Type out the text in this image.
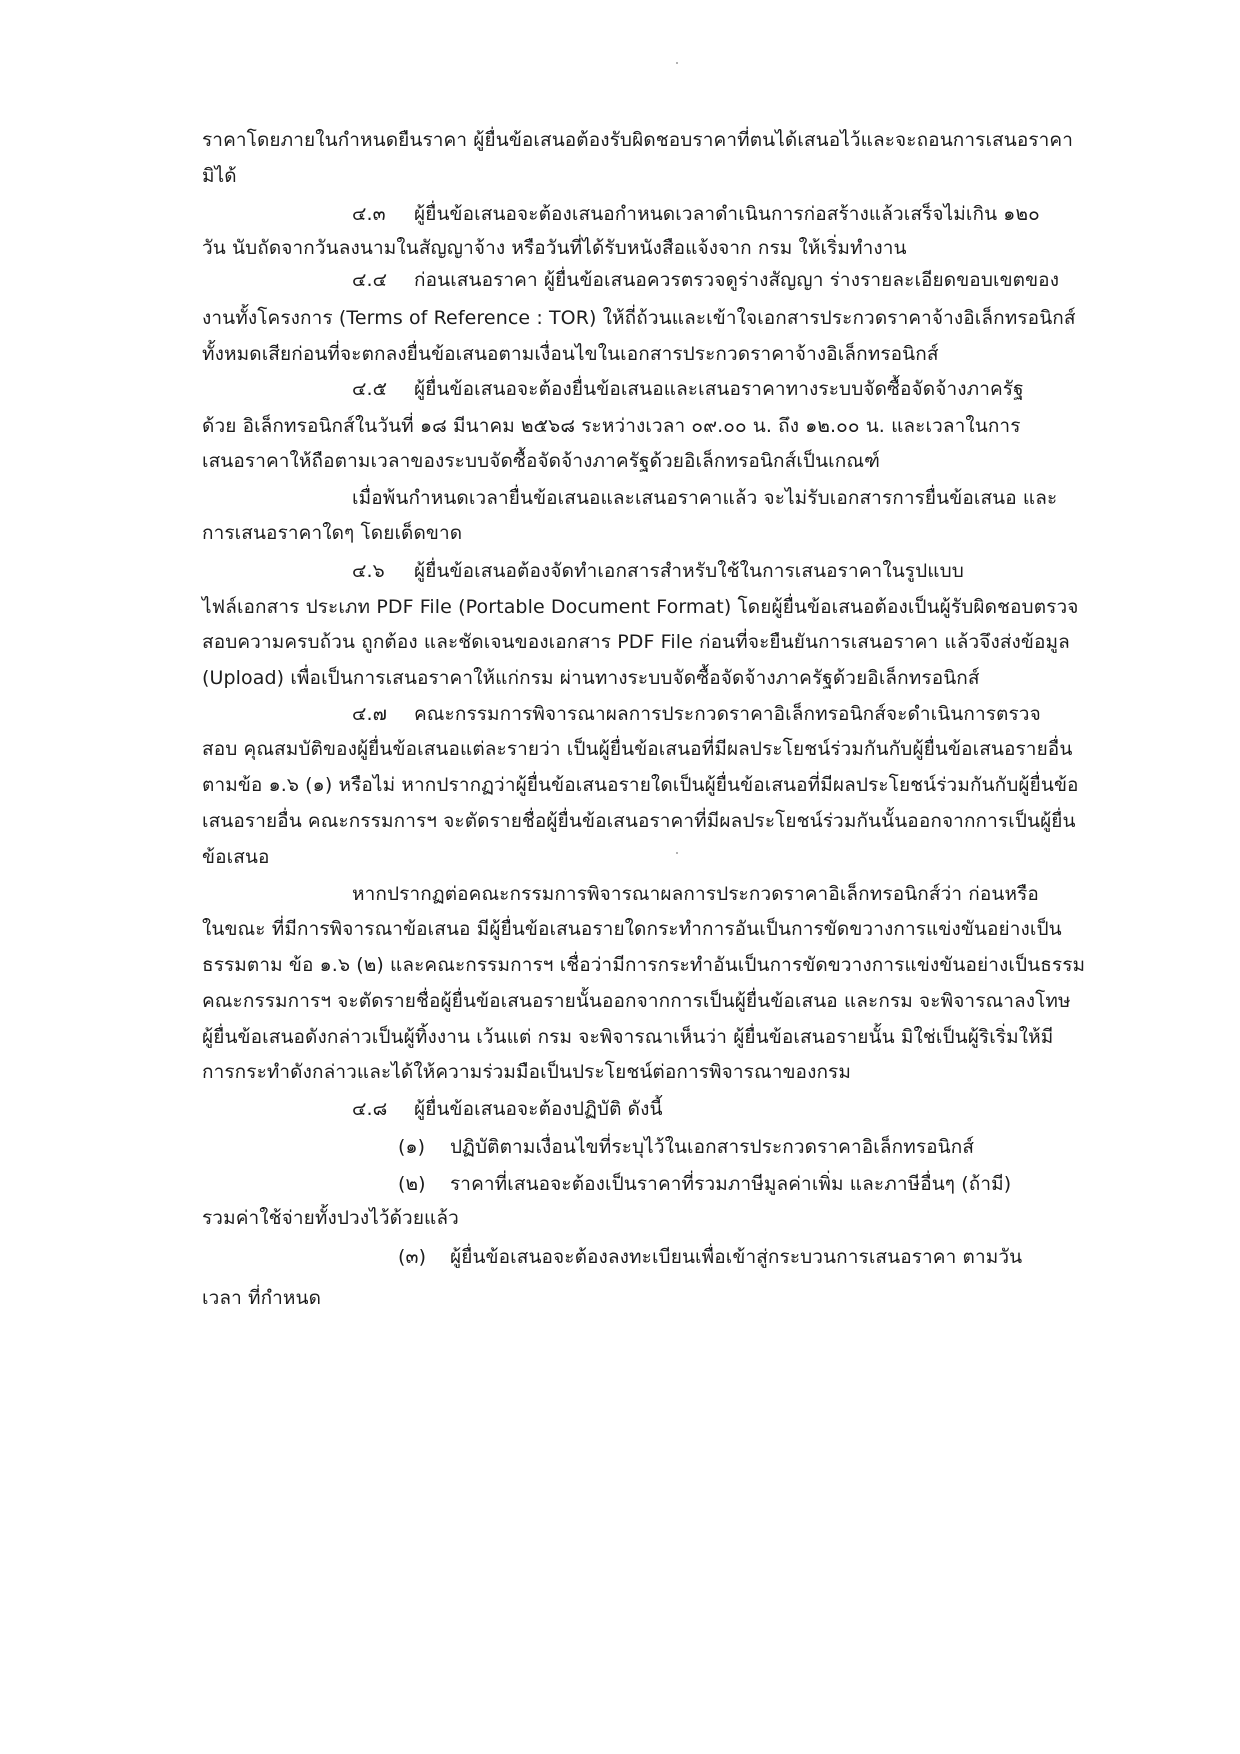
ราคาโดยภายในกำหนดยืนราคา ผู้ยื่นข้อเสนอต้องรับผิดชอบราคาที่ตนได้เสนอไว้และจะถอนการเสนอราคา
มิได้
๔.๓ ผู้ยื่นข้อเสนอจะต้องเสนอกำหนดเวลาดำเนินการก่อสร้างแล้วเสร็จไม่เกิน ๑๒๐
วัน นับถัดจากวันลงนามในสัญญาจ้าง หรือวันที่ได้รับหนังสือแจ้งจาก กรม ให้เริ่มทำงาน
๔.๔ ก่อนเสนอราคา ผู้ยื่นข้อเสนอควรตรวจดูร่างสัญญา ร่างรายละเอียดขอบเขตของ
งานทั้งโครงการ (Terms of Reference : TOR) ให้ถี่ถ้วนและเข้าใจเอกสารประกวดราคาจ้างอิเล็กทรอนิกส์
ทั้งหมดเสียก่อนที่จะตกลงยื่นข้อเสนอตามเงื่อนไขในเอกสารประกวดราคาจ้างอิเล็กทรอนิกส์
๔.๕ ผู้ยื่นข้อเสนอจะต้องยื่นข้อเสนอและเสนอราคาทางระบบจัดซื้อจัดจ้างภาครัฐ
ด้วย อิเล็กทรอนิกส์ในวันที่ ๑๘ มีนาคม ๒๕๖๘ ระหว่างเวลา ๐๙.๐๐ น. ถึง ๑๒.๐๐ น. และเวลาในการ
เสนอราคาให้ถือตามเวลาของระบบจัดซื้อจัดจ้างภาครัฐด้วยอิเล็กทรอนิกส์เป็นเกณฑ์
เมื่อพ้นกำหนดเวลายื่นข้อเสนอและเสนอราคาแล้ว จะไม่รับเอกสารการยื่นข้อเสนอ และ
การเสนอราคาใดๆ โดยเด็ดขาด
๔.๖ ผู้ยื่นข้อเสนอต้องจัดทำเอกสารสำหรับใช้ในการเสนอราคาในรูปแบบ
ไฟล์เอกสาร ประเภท PDF File (Portable Document Format) โดยผู้ยื่นข้อเสนอต้องเป็นผู้รับผิดชอบตรวจ
สอบความครบถ้วน ถูกต้อง และชัดเจนของเอกสาร PDF File ก่อนที่จะยืนยันการเสนอราคา แล้วจึงส่งข้อมูล
(Upload) เพื่อเป็นการเสนอราคาให้แก่กรม ผ่านทางระบบจัดซื้อจัดจ้างภาครัฐด้วยอิเล็กทรอนิกส์
๔.๗ คณะกรรมการพิจารณาผลการประกวดราคาอิเล็กทรอนิกส์จะดำเนินการตรวจ
สอบ คุณสมบัติของผู้ยื่นข้อเสนอแต่ละรายว่า เป็นผู้ยื่นข้อเสนอที่มีผลประโยชน์ร่วมกันกับผู้ยื่นข้อเสนอรายอื่น
ตามข้อ ๑.๖ (๑) หรือไม่ หากปรากฏว่าผู้ยื่นข้อเสนอรายใดเป็นผู้ยื่นข้อเสนอที่มีผลประโยชน์ร่วมกันกับผู้ยื่นข้อ
เสนอรายอื่น คณะกรรมการฯ จะตัดรายชื่อผู้ยื่นข้อเสนอราคาที่มีผลประโยชน์ร่วมกันนั้นออกจากการเป็นผู้ยื่น
ข้อเสนอ
หากปรากฏต่อคณะกรรมการพิจารณาผลการประกวดราคาอิเล็กทรอนิกส์ว่า ก่อนหรือ
ในขณะ ที่มีการพิจารณาข้อเสนอ มีผู้ยื่นข้อเสนอรายใดกระทำการอันเป็นการขัดขวางการแข่งขันอย่างเป็น
ธรรมตาม ข้อ ๑.๖ (๒) และคณะกรรมการฯ เชื่อว่ามีการกระทำอันเป็นการขัดขวางการแข่งขันอย่างเป็นธรรม
คณะกรรมการฯ จะตัดรายชื่อผู้ยื่นข้อเสนอรายนั้นออกจากการเป็นผู้ยื่นข้อเสนอ และกรม จะพิจารณาลงโทษ
ผู้ยื่นข้อเสนอดังกล่าวเป็นผู้ทิ้งงาน เว้นแต่ กรม จะพิจารณาเห็นว่า ผู้ยื่นข้อเสนอรายนั้น มิใช่เป็นผู้ริเริ่มให้มี
การกระทำดังกล่าวและได้ให้ความร่วมมือเป็นประโยชน์ต่อการพิจารณาของกรม
๔.๘ ผู้ยื่นข้อเสนอจะต้องปฏิบัติ ดังนี้
(๑) ปฏิบัติตามเงื่อนไขที่ระบุไว้ในเอกสารประกวดราคาอิเล็กทรอนิกส์
(๒) ราคาที่เสนอจะต้องเป็นราคาที่รวมภาษีมูลค่าเพิ่ม และภาษีอื่นๆ (ถ้ามี)
รวมค่าใช้จ่ายทั้งปวงไว้ด้วยแล้ว
(๓) ผู้ยื่นข้อเสนอจะต้องลงทะเบียนเพื่อเข้าสู่กระบวนการเสนอราคา ตามวัน
เวลา ที่กำหนด
